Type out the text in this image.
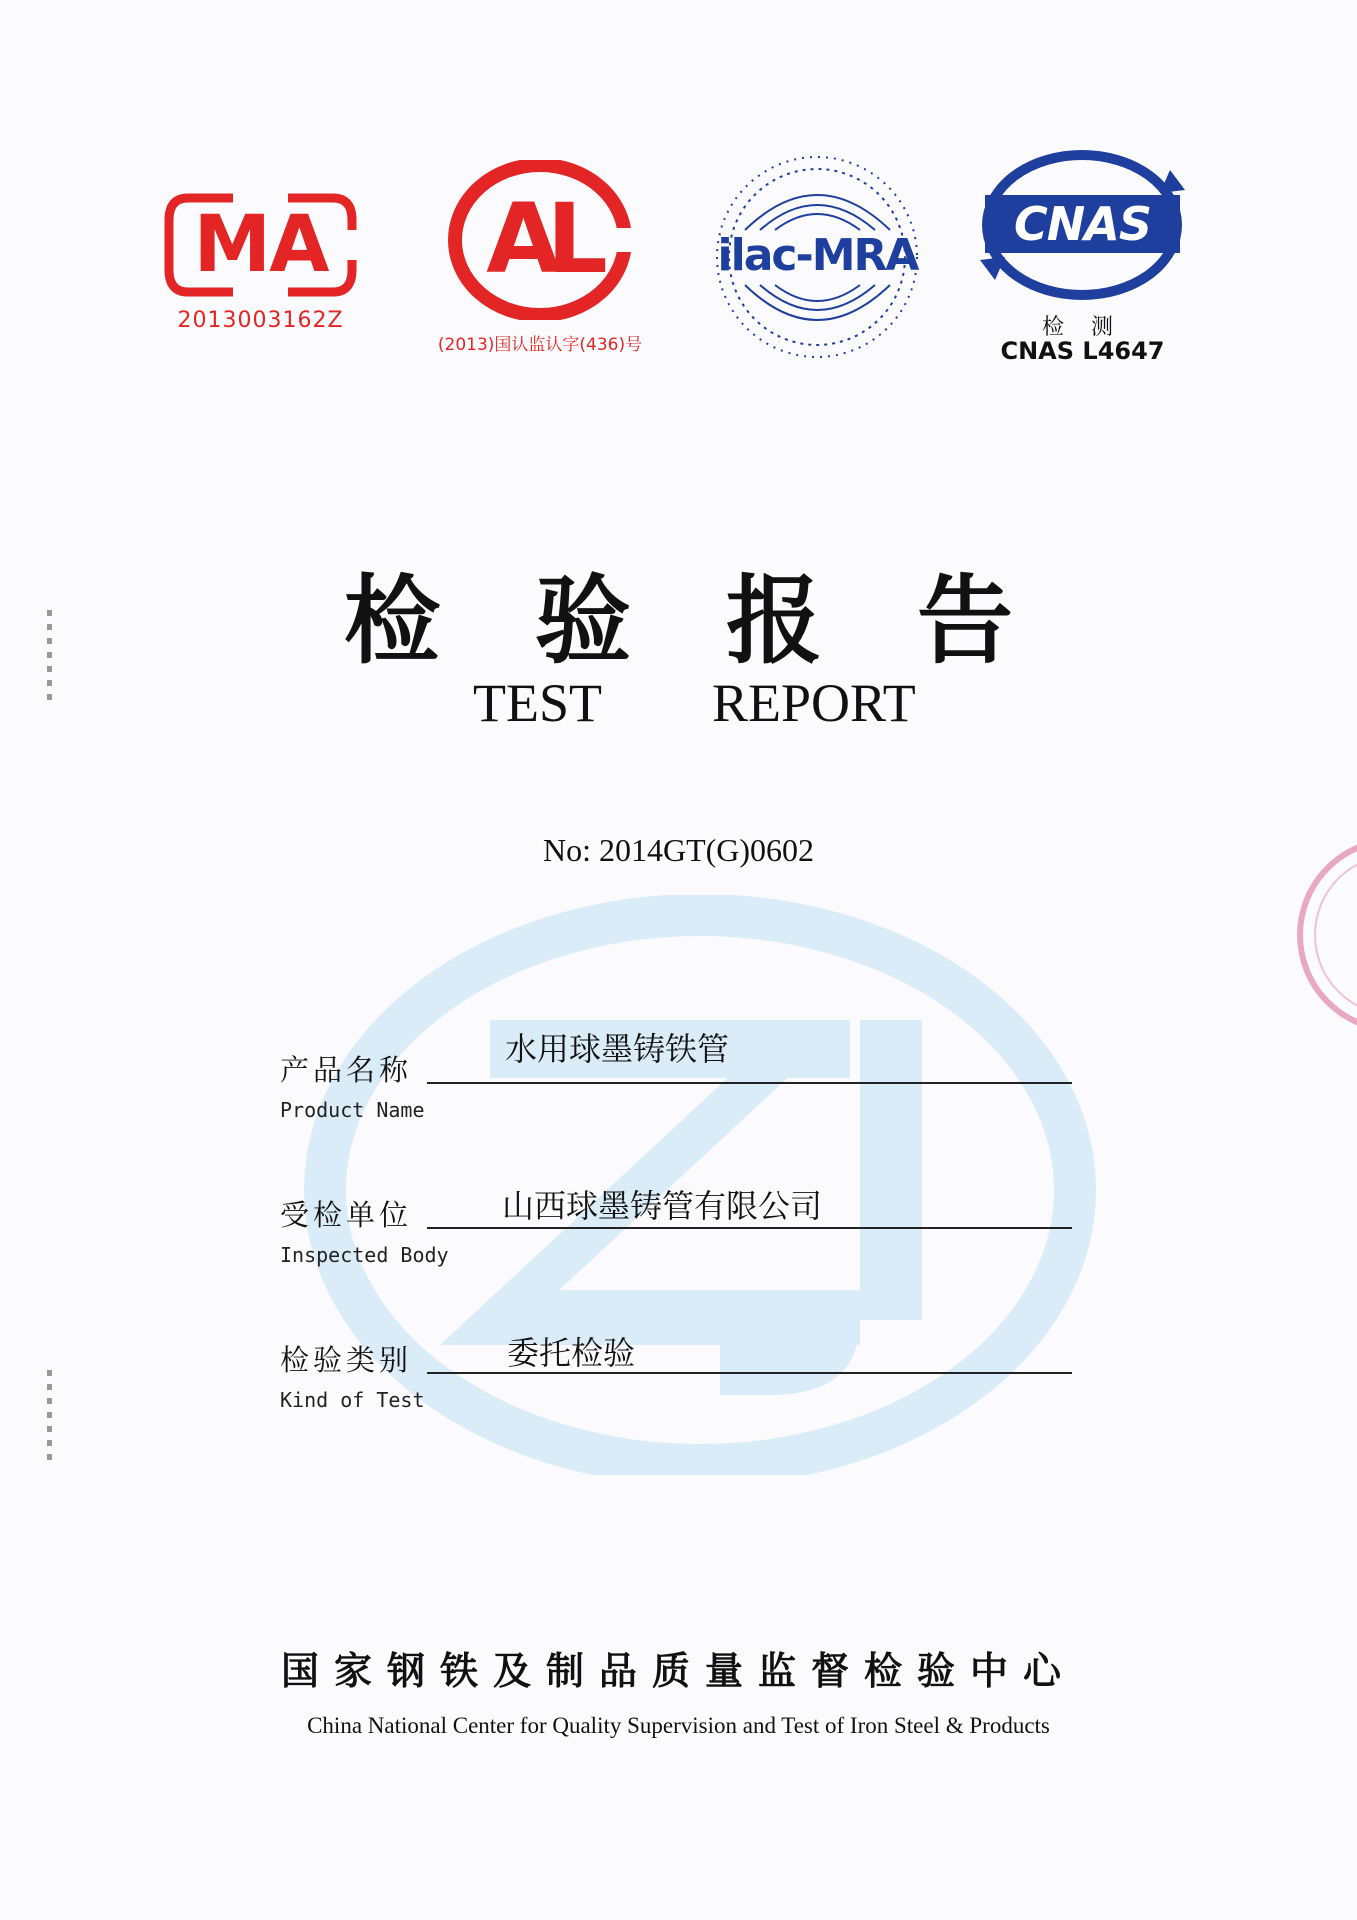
MA
2013003162Z
AL
(2013)国认监认字(436)号
ilac-MRA
CNAS
检 测
CNAS L4647
检验报告
TEST REPORT
No: 2014GT(G)0602
产品名称
Product Name
水用球墨铸铁管
受检单位
Inspected Body
山西球墨铸管有限公司
检验类别
Kind of Test
委托检验
国家钢铁及制品质量监督检验中心
China National Center for Quality Supervision and Test of Iron Steel & Products
